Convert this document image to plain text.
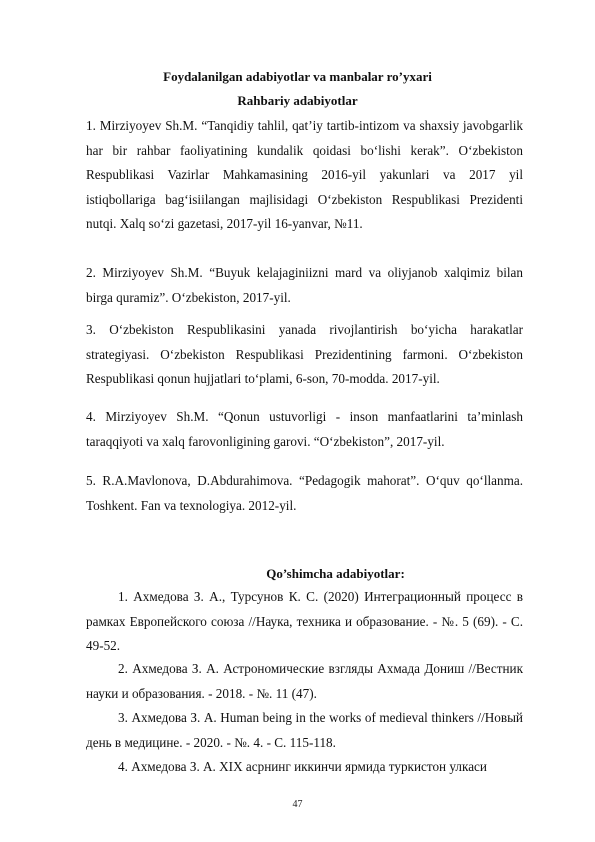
Foydalanilgan adabiyotlar va manbalar ro’yxari
Rahbariy adabiyotlar
1. Mirziyoyev Sh.M. “Tanqidiy tahlil, qat’iy tartib-intizom va shaxsiy javobgarlik har bir rahbar faoliyatining kundalik qoidasi bo‘lishi kerak”. O‘zbekiston Respublikasi Vazirlar Mahkamasining 2016-yil yakunlari va 2017 yil istiqbollariga bag‘isiilangan majlisidagi O‘zbekiston Respublikasi Prezidenti nutqi. Xalq so‘zi gazetasi, 2017-yil 16-yanvar, №11.
2. Mirziyoyev Sh.M. “Buyuk kelajaginiizni mard va oliyjanob xalqimiz bilan birga quramiz”. O‘zbekiston, 2017-yil.
3. O‘zbekiston Respublikasini yanada rivojlantirish bo‘yicha harakatlar strategiyasi. O‘zbekiston Respublikasi Prezidentining farmoni. O‘zbekiston Respublikasi qonun hujjatlari to‘plami, 6-son, 70-modda. 2017-yil.
4. Mirziyoyev Sh.M. “Qonun ustuvorligi - inson manfaatlarini ta’minlash taraqqiyoti va xalq farovonligining garovi. “O‘zbekiston”, 2017-yil.
5. R.A.Mavlonova, D.Abdurahimova. “Pedagogik mahorat”. O‘quv qo‘llanma. Toshkent. Fan va texnologiya. 2012-yil.
Qo’shimcha adabiyotlar:
1. Ахмедова З. А., Турсунов К. С. (2020) Интеграционный процесс в рамках Европейского союза //Наука, техника и образование. - №. 5 (69). - С. 49-52.
2. Ахмедова З. А. Астрономические взгляды Ахмада Дониш //Вестник науки и образования. - 2018. - №. 11 (47).
3. Ахмедова З. А. Human being in the works of medieval thinkers //Новый день в медицине. - 2020. - №. 4. - С. 115-118.
4. Ахмедова З. А. XIX асрнинг иккинчи ярмида туркистон улкаси
47
